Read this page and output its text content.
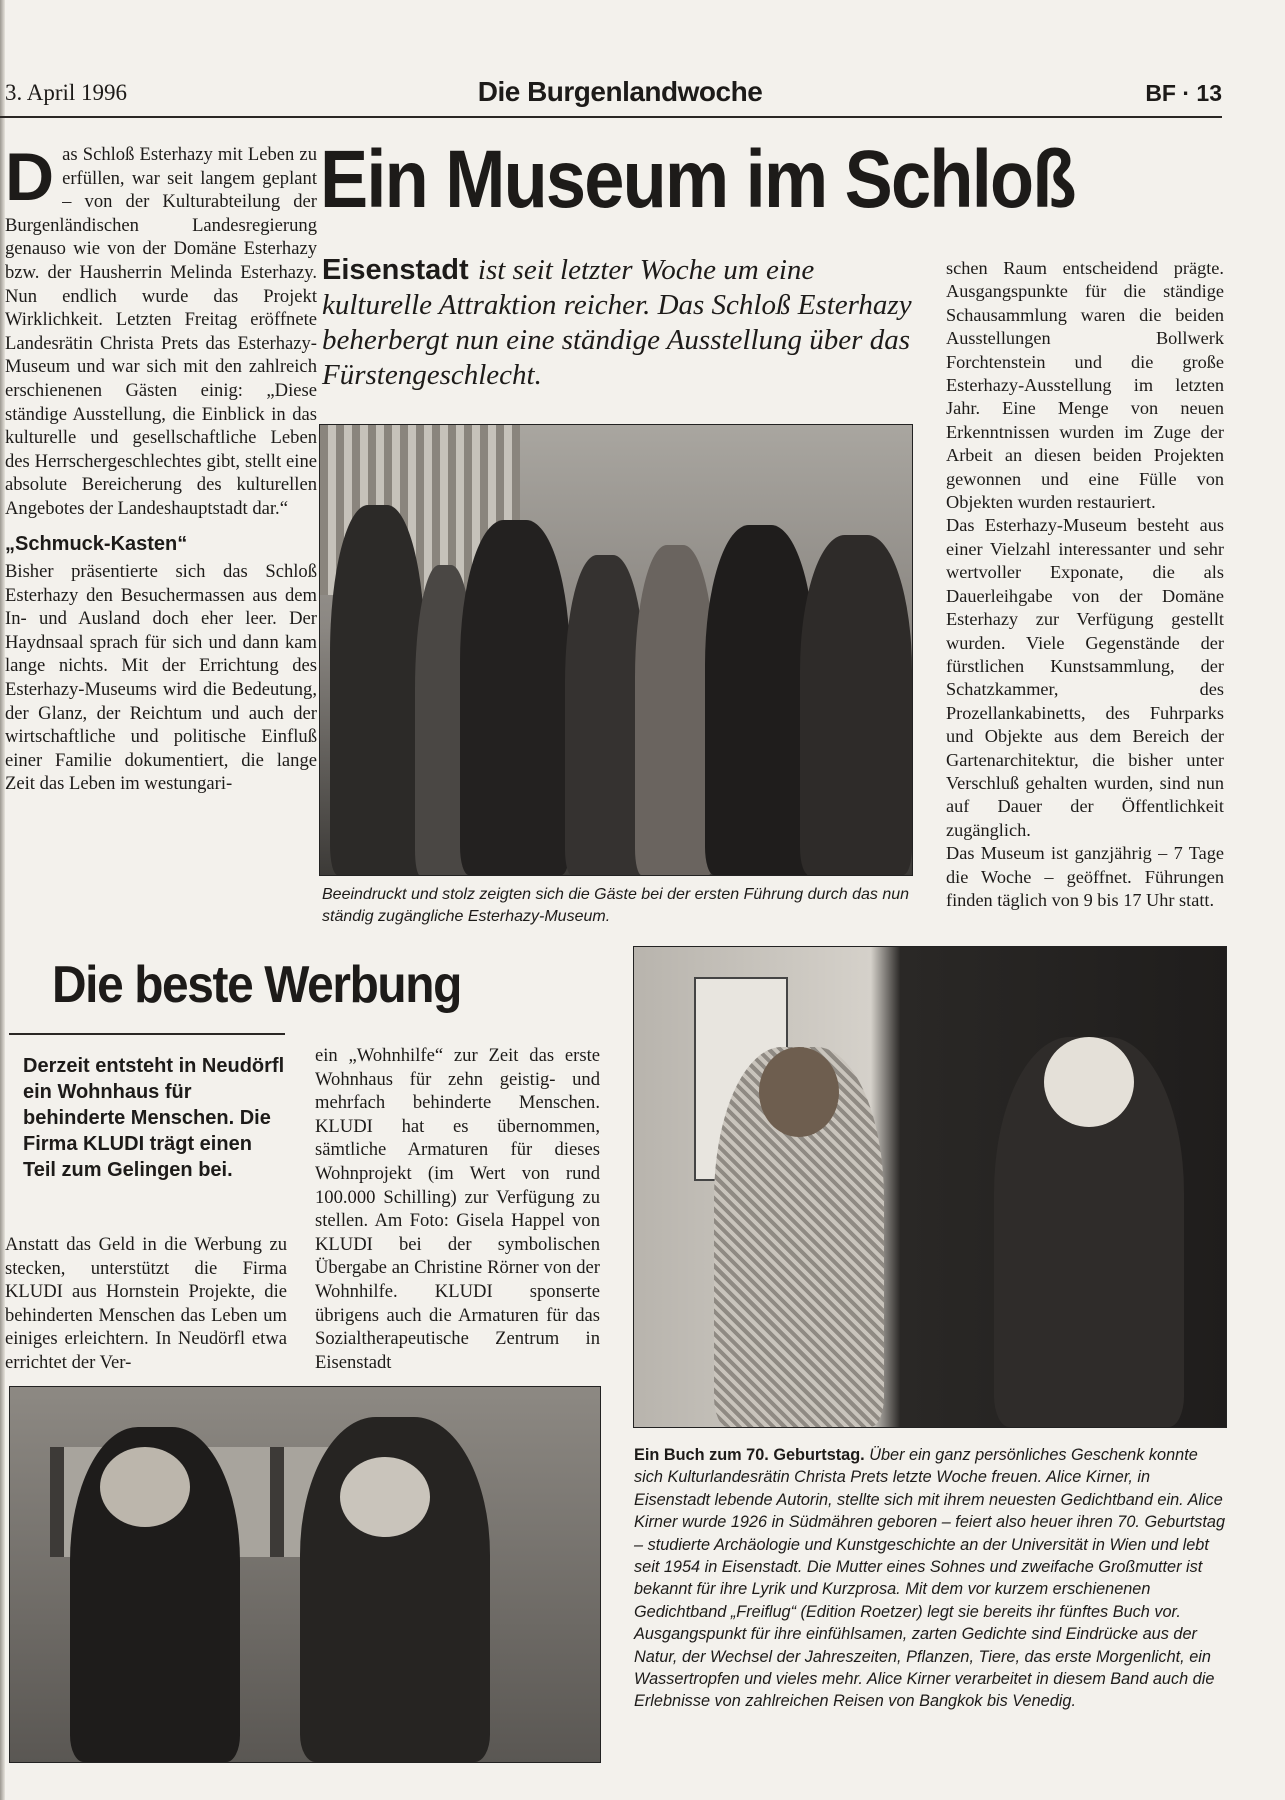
3. April 1996	Die Burgenlandwoche	BF · 13
Ein Museum im Schloß
D as Schloß Esterhazy mit Leben zu erfüllen, war seit langem geplant – von der Kulturabteilung der Burgenländischen Landesregierung genauso wie von der Domäne Esterhazy bzw. der Hausherrin Melinda Esterhazy. Nun endlich wurde das Projekt Wirklichkeit. Letzten Freitag eröffnete Landesrätin Christa Prets das Esterhazy-Museum und war sich mit den zahlreich erschienenen Gästen einig: „Diese ständige Ausstellung, die Einblick in das kulturelle und gesellschaftliche Leben des Herrschergeschlechtes gibt, stellt eine absolute Bereicherung des kulturellen Angebotes der Landeshauptstadt dar.“

„Schmuck-Kasten“

Bisher präsentierte sich das Schloß Esterhazy den Besuchermassen aus dem In- und Ausland doch eher leer. Der Haydnsaal sprach für sich und dann kam lange nichts. Mit der Errichtung des Esterhazy-Museums wird die Bedeutung, der Glanz, der Reichtum und auch der wirtschaftliche und politische Einfluß einer Familie dokumentiert, die lange Zeit das Leben im westungari-

Eisenstadt ist seit letzter Woche um eine kulturelle Attraktion reicher. Das Schloß Esterhazy beherbergt nun eine ständige Ausstellung über das Fürstengeschlecht.
Beeindruckt und stolz zeigten sich die Gäste bei der ersten Führung durch das nun ständig zugängliche Esterhazy-Museum.

schen Raum entscheidend prägte. Ausgangspunkte für die ständige Schausammlung waren die beiden Ausstellungen Bollwerk Forchtenstein und die große Esterhazy-Ausstellung im letzten Jahr. Eine Menge von neuen Erkenntnissen wurden im Zuge der Arbeit an diesen beiden Projekten gewonnen und eine Fülle von Objekten wurden restauriert.

Das Esterhazy-Museum besteht aus einer Vielzahl interessanter und sehr wertvoller Exponate, die als Dauerleihgabe von der Domäne Esterhazy zur Verfügung gestellt wurden. Viele Gegenstände der fürstlichen Kunstsammlung, der Schatzkammer, des Prozellankabinetts, des Fuhrparks und Objekte aus dem Bereich der Gartenarchitektur, die bisher unter Verschluß gehalten wurden, sind nun auf Dauer der Öffentlichkeit zugänglich.

Das Museum ist ganzjährig – 7 Tage die Woche – geöffnet. Führungen finden täglich von 9 bis 17 Uhr statt.

Die beste Werbung
Derzeit entsteht in Neudörfl ein Wohnhaus für behinderte Menschen. Die Firma KLUDI trägt einen Teil zum Gelingen bei.

Anstatt das Geld in die Werbung zu stecken, unterstützt die Firma KLUDI aus Hornstein Projekte, die behinderten Menschen das Leben um einiges erleichtern. In Neudörfl etwa errichtet der Ver-

ein „Wohnhilfe“ zur Zeit das erste Wohnhaus für zehn geistig- und mehrfach behinderte Menschen. KLUDI hat es übernommen, sämtliche Armaturen für dieses Wohnprojekt (im Wert von rund 100.000 Schilling) zur Verfügung zu stellen. Am Foto: Gisela Happel von KLUDI bei der symbolischen Übergabe an Christine Rörner von der Wohnhilfe. KLUDI sponserte übrigens auch die Armaturen für das Sozialtherapeutische Zentrum in Eisenstadt

Ein Buch zum 70. Geburtstag. Über ein ganz persönliches Geschenk konnte sich Kulturlandesrätin Christa Prets letzte Woche freuen. Alice Kirner, in Eisenstadt lebende Autorin, stellte sich mit ihrem neuesten Gedichtband ein. Alice Kirner wurde 1926 in Südmähren geboren – feiert also heuer ihren 70. Geburtstag – studierte Archäologie und Kunstgeschichte an der Universität in Wien und lebt seit 1954 in Eisenstadt. Die Mutter eines Sohnes und zweifache Großmutter ist bekannt für ihre Lyrik und Kurzprosa. Mit dem vor kurzem erschienenen Gedichtband „Freiflug“ (Edition Roetzer) legt sie bereits ihr fünftes Buch vor. Ausgangspunkt für ihre einfühlsamen, zarten Gedichte sind Eindrücke aus der Natur, der Wechsel der Jahreszeiten, Pflanzen, Tiere, das erste Morgenlicht, ein Wassertropfen und vieles mehr. Alice Kirner verarbeitet in diesem Band auch die Erlebnisse von zahlreichen Reisen von Bangkok bis Venedig.
